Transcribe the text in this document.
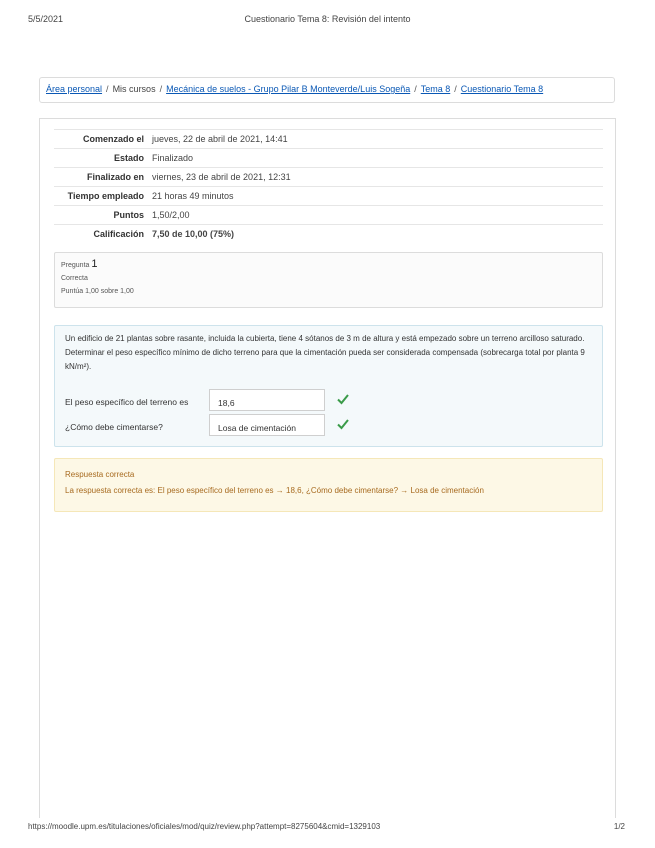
5/5/2021	Cuestionario Tema 8: Revisión del intento
Área personal / Mis cursos / Mecánica de suelos - Grupo Pilar B Monteverde/Luis Sogeña / Tema 8 / Cuestionario Tema 8
Comenzado el	jueves, 22 de abril de 2021, 14:41
Estado	Finalizado
Finalizado en	viernes, 23 de abril de 2021, 12:31
Tiempo empleado	21 horas 49 minutos
Puntos	1,50/2,00
Calificación	7,50 de 10,00 (75%)
Pregunta 1
Correcta
Puntúa 1,00 sobre 1,00

Un edificio de 21 plantas sobre rasante, incluida la cubierta, tiene 4 sótanos de 3 m de altura y está empezado sobre un terreno arcilloso saturado. Determinar el peso específico mínimo de dicho terreno para que la cimentación pueda ser considerada compensada (sobrecarga total por planta 9 kN/m²).

El peso específico del terreno es	18,6
¿Cómo debe cimentarse?	Losa de cimentación
Respuesta correcta
La respuesta correcta es: El peso específico del terreno es → 18,6, ¿Cómo debe cimentarse? → Losa de cimentación
https://moodle.upm.es/titulaciones/oficiales/mod/quiz/review.php?attempt=8275604&cmid=1329103	1/2
